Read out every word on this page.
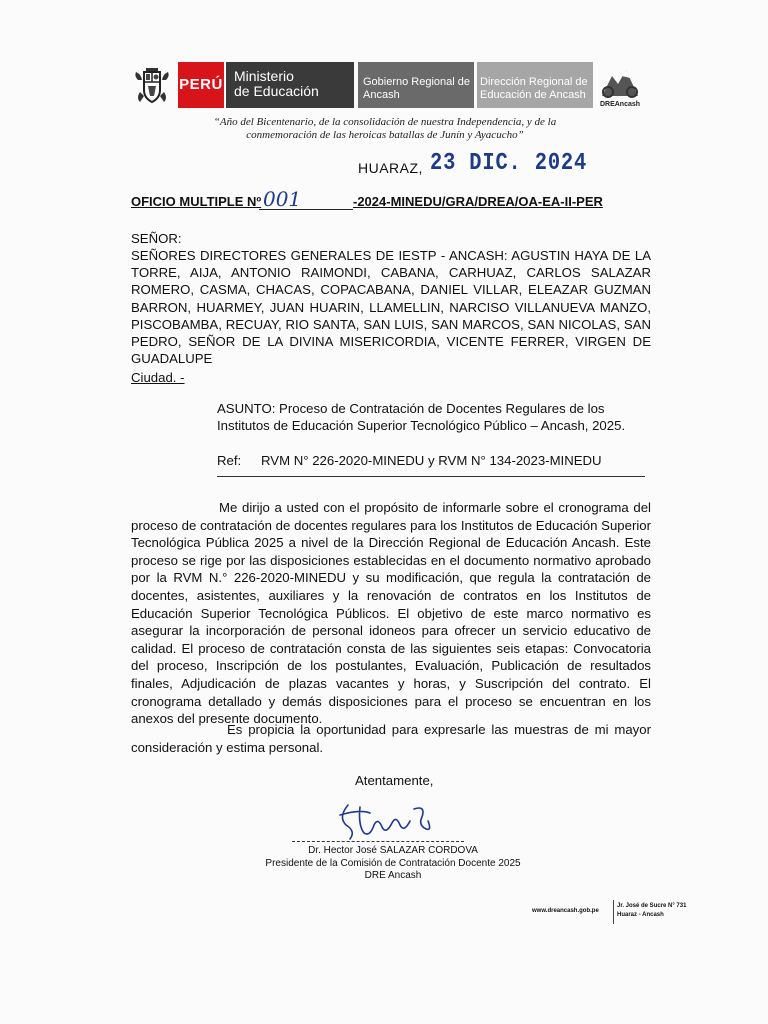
PERÚ Ministerio
de Educación
Gobierno Regional de
Ancash
Dirección Regional de
Educación de Ancash
DREAncash
“Año del Bicentenario, de la consolidación de nuestra Independencia, y de la
conmemoración de las heroicas batallas de Junín y Ayacucho”
HUARAZ, 23 DIC. 2024
OFICIO MULTIPLE Nº 001	-2024-MINEDU/GRA/DREA/OA-EA-II-PER
SEÑOR:
SEÑORES DIRECTORES GENERALES DE IESTP - ANCASH: AGUSTIN HAYA DE LA TORRE, AIJA, ANTONIO RAIMONDI, CABANA, CARHUAZ, CARLOS SALAZAR ROMERO, CASMA, CHACAS, COPACABANA, DANIEL VILLAR, ELEAZAR GUZMAN BARRON, HUARMEY, JUAN HUARIN, LLAMELLIN, NARCISO VILLANUEVA MANZO, PISCOBAMBA, RECUAY, RIO SANTA, SAN LUIS, SAN MARCOS, SAN NICOLAS, SAN PEDRO, SEÑOR DE LA DIVINA MISERICORDIA, VICENTE FERRER, VIRGEN DE GUADALUPE
Ciudad. -
ASUNTO: Proceso de Contratación de Docentes Regulares de los Institutos de Educación Superior Tecnológico Público – Ancash, 2025.
Ref: RVM N° 226-2020-MINEDU y RVM N° 134-2023-MINEDU
Me dirijo a usted con el propósito de informarle sobre el cronograma del proceso de contratación de docentes regulares para los Institutos de Educación Superior Tecnológica Pública 2025 a nivel de la Dirección Regional de Educación Ancash. Este proceso se rige por las disposiciones establecidas en el documento normativo aprobado por la RVM N.° 226-2020-MINEDU y su modificación, que regula la contratación de docentes, asistentes, auxiliares y la renovación de contratos en los Institutos de Educación Superior Tecnológica Públicos. El objetivo de este marco normativo es asegurar la incorporación de personal idoneos para ofrecer un servicio educativo de calidad. El proceso de contratación consta de las siguientes seis etapas: Convocatoria del proceso, Inscripción de los postulantes, Evaluación, Publicación de resultados finales, Adjudicación de plazas vacantes y horas, y Suscripción del contrato. El cronograma detallado y demás disposiciones para el proceso se encuentran en los anexos del presente documento.
Es propicia la oportunidad para expresarle las muestras de mi mayor consideración y estima personal.
Atentamente,
Dr. Hector José SALAZAR CORDOVA
Presidente de la Comisión de Contratación Docente 2025
DRE Ancash
www.dreancash.gob.pe
Jr. José de Sucre N° 731
Huaraz - Ancash
